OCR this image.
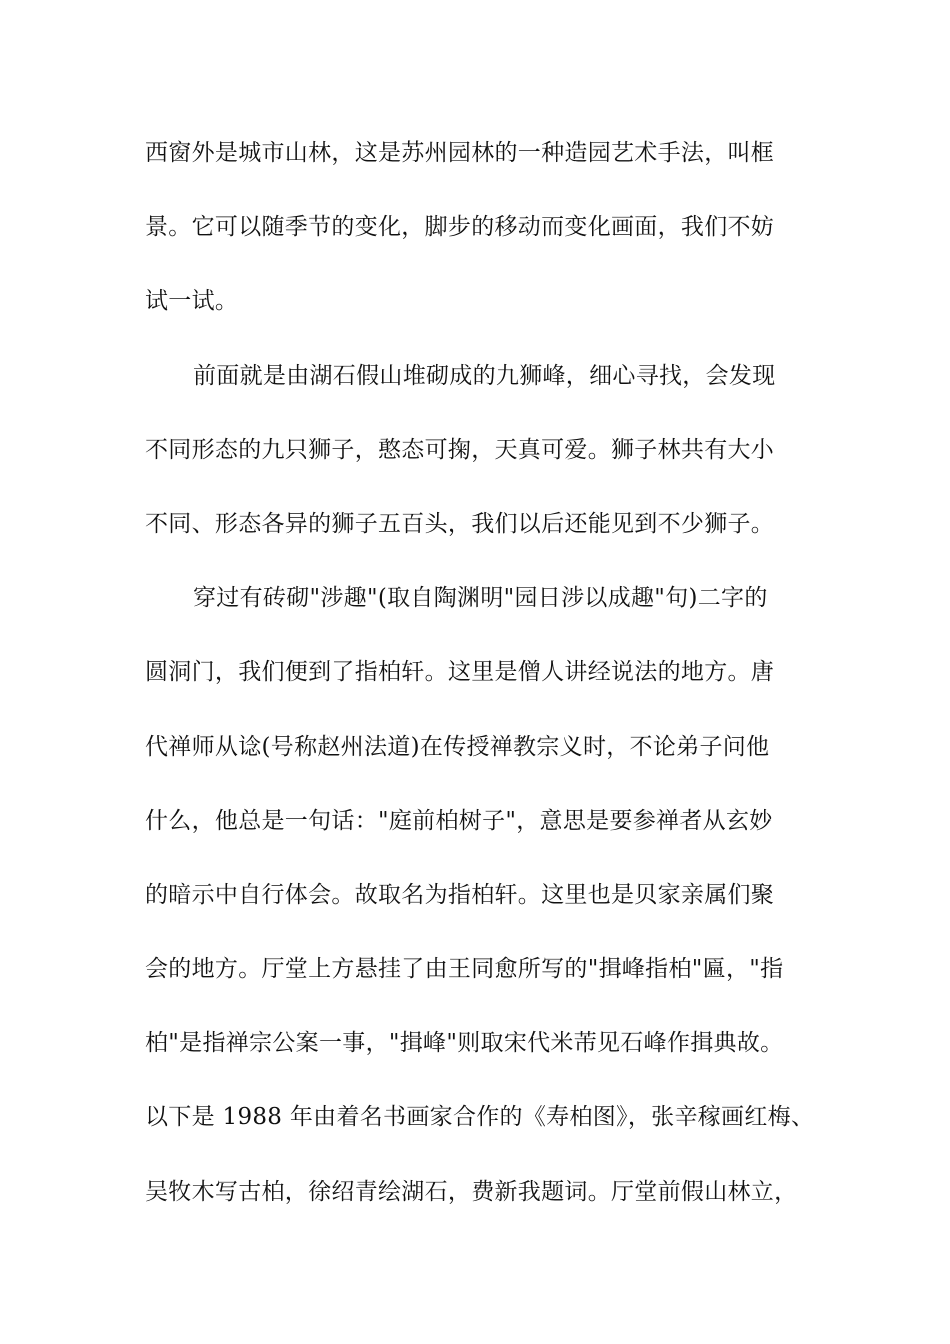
西窗外是城市山林，这是苏州园林的一种造园艺术手法，叫框
景。它可以随季节的变化，脚步的移动而变化画面，我们不妨
试一试。
前面就是由湖石假山堆砌成的九狮峰，细心寻找，会发现
不同形态的九只狮子，憨态可掬，天真可爱。狮子林共有大小
不同、形态各异的狮子五百头，我们以后还能见到不少狮子。
穿过有砖砌"涉趣"(取自陶渊明"园日涉以成趣"句)二字的
圆洞门，我们便到了指柏轩。这里是僧人讲经说法的地方。唐
代禅师从谂(号称赵州法道)在传授禅教宗义时，不论弟子问他
什么，他总是一句话："庭前柏树子"，意思是要参禅者从玄妙
的暗示中自行体会。故取名为指柏轩。这里也是贝家亲属们聚
会的地方。厅堂上方悬挂了由王同愈所写的"揖峰指柏"匾，"指
柏"是指禅宗公案一事，"揖峰"则取宋代米芾见石峰作揖典故。
以下是 1988 年由着名书画家合作的《寿柏图》，张辛稼画红梅、
吴牧木写古柏，徐绍青绘湖石，费新我题词。厅堂前假山林立，
